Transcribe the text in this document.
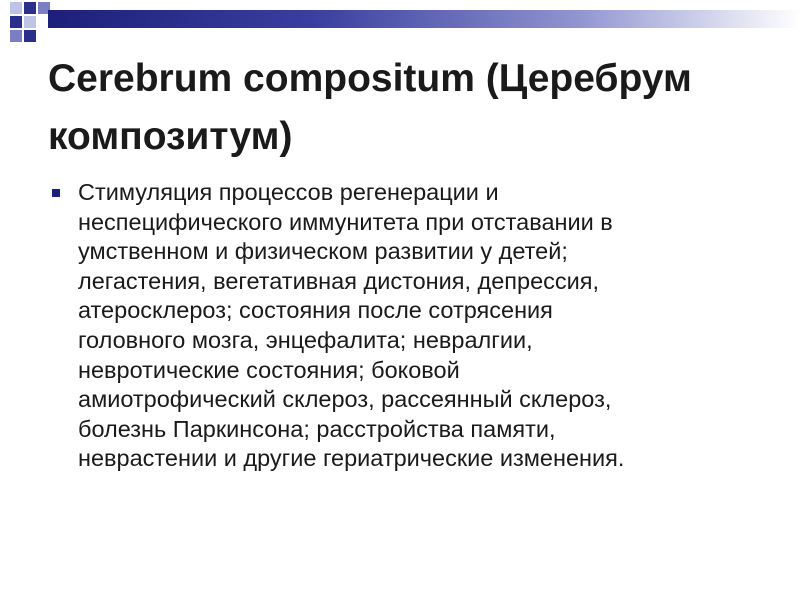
Cerebrum compositum (Церебрум
композитум)
Стимуляция процессов регенерации и
неспецифического иммунитета при отставании в
умственном и физическом развитии у детей;
легастения, вегетативная дистония, депрессия,
атеросклероз; состояния после сотрясения
головного мозга, энцефалита; невралгии,
невротические состояния; боковой
амиотрофический склероз, рассеянный склероз,
болезнь Паркинсона; расстройства памяти,
неврастении и другие гериатрические изменения.
